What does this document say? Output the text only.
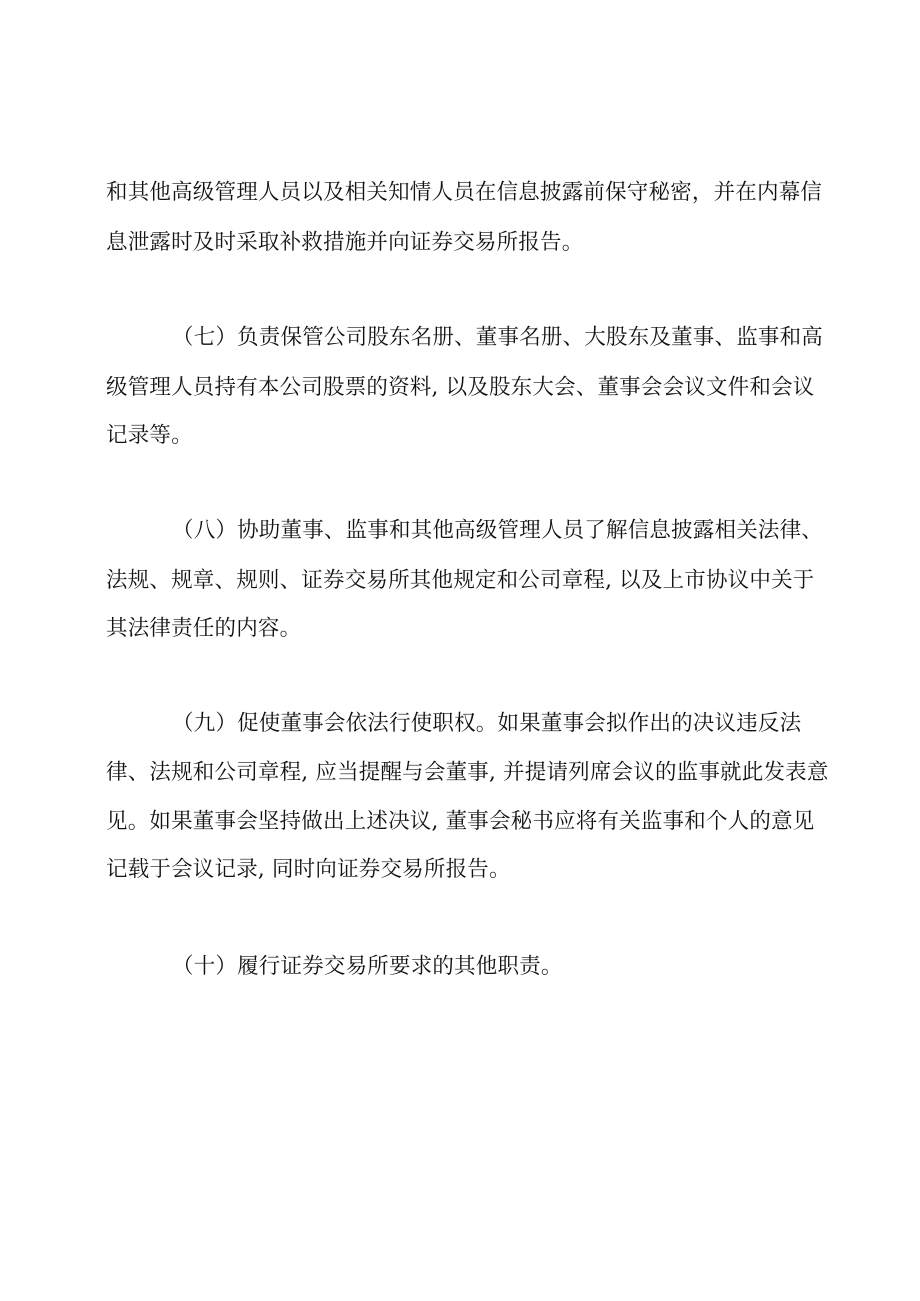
和其他高级管理人员以及相关知情人员在信息披露前保守秘密，并在内幕信
息泄露时及时采取补救措施并向证券交易所报告。
（七）负责保管公司股东名册、董事名册、大股东及董事、监事和高
级管理人员持有本公司股票的资料, 以及股东大会、董事会会议文件和会议
记录等。
（八）协助董事、监事和其他高级管理人员了解信息披露相关法律、
法规、规章、规则、证券交易所其他规定和公司章程, 以及上市协议中关于
其法律责任的内容。
（九）促使董事会依法行使职权。如果董事会拟作出的决议违反法
律、法规和公司章程, 应当提醒与会董事, 并提请列席会议的监事就此发表意
见。如果董事会坚持做出上述决议, 董事会秘书应将有关监事和个人的意见
记载于会议记录, 同时向证券交易所报告。
（十）履行证券交易所要求的其他职责。
